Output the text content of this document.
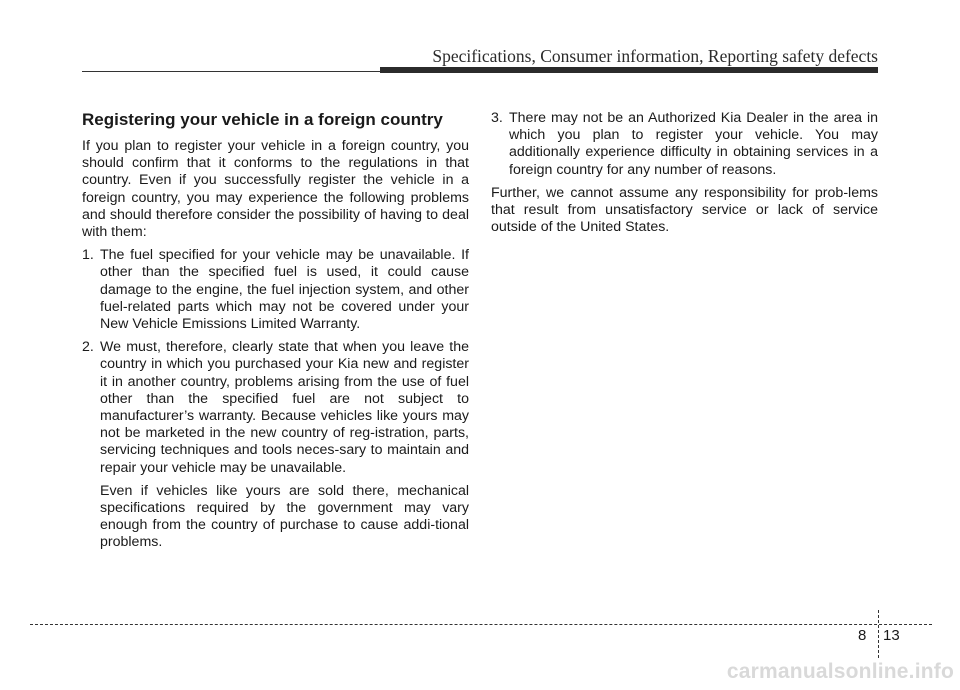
Specifications, Consumer information, Reporting safety defects
Registering your vehicle in a foreign country

If you plan to register your vehicle in a foreign country, you should confirm that it conforms to the regulations in that country. Even if you successfully register the vehicle in a foreign country, you may experience the following problems and should therefore consider the possibility of having to deal with them:

1. The fuel specified for your vehicle may be unavailable. If other than the specified fuel is used, it could cause damage to the engine, the fuel injection system, and other fuel-related parts which may not be covered under your New Vehicle Emissions Limited Warranty.
2. We must, therefore, clearly state that when you leave the country in which you purchased your Kia new and register it in another country, problems arising from the use of fuel other than the specified fuel are not subject to manufacturer’s warranty. Because vehicles like yours may not be marketed in the new country of reg-istration, parts, servicing techniques and tools neces-sary to maintain and repair your vehicle may be unavailable.
Even if vehicles like yours are sold there, mechanical specifications required by the government may vary enough from the country of purchase to cause addi-tional problems.
3. There may not be an Authorized Kia Dealer in the area in which you plan to register your vehicle. You may additionally experience difficulty in obtaining services in a foreign country for any number of reasons.

Further, we cannot assume any responsibility for prob-lems that result from unsatisfactory service or lack of service outside of the United States.

8 13
carmanualsonline.info
